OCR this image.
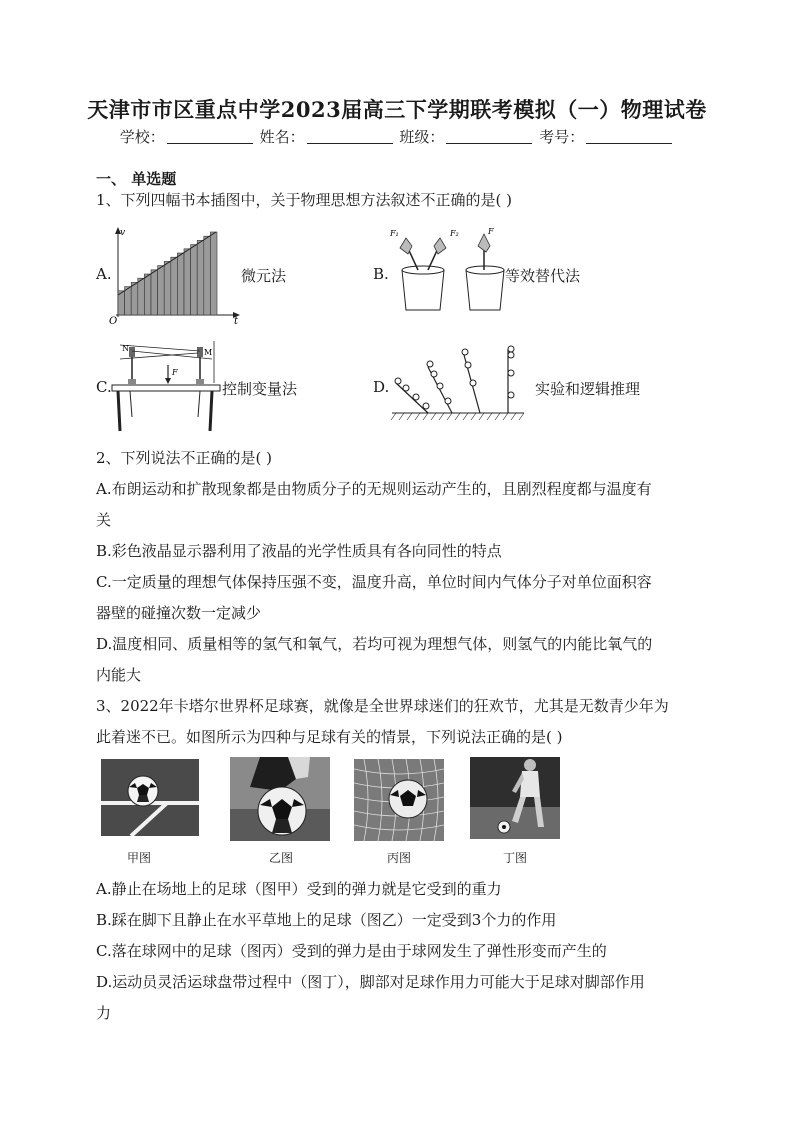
天津市市区重点中学2023届高三下学期联考模拟（一）物理试卷
学校：	姓名：	班级：	考号：
一、 单选题
1、下列四幅书本插图中，关于物理思想方法叙述不正确的是( )
A.
v
O	t
微元法	B.
F₁	F₂	F
等效替代法
C.
N	M
F
控制变量法	D.	实验和逻辑推理
2、下列说法不正确的是( )
A.布朗运动和扩散现象都是由物质分子的无规则运动产生的，且剧烈程度都与温度有
关
B.彩色液晶显示器利用了液晶的光学性质具有各向同性的特点
C.一定质量的理想气体保持压强不变，温度升高，单位时间内气体分子对单位面积容
器壁的碰撞次数一定减少
D.温度相同、质量相等的氢气和氧气，若均可视为理想气体，则氢气的内能比氧气的
内能大
3、2022年卡塔尔世界杯足球赛，就像是全世界球迷们的狂欢节，尤其是无数青少年为
此着迷不已。如图所示为四种与足球有关的情景，下列说法正确的是( )
甲图	乙图	丙图	丁图
A.静止在场地上的足球（图甲）受到的弹力就是它受到的重力
B.踩在脚下且静止在水平草地上的足球（图乙）一定受到3个力的作用
C.落在球网中的足球（图丙）受到的弹力是由于球网发生了弹性形变而产生的
D.运动员灵活运球盘带过程中（图丁），脚部对足球作用力可能大于足球对脚部作用
力
